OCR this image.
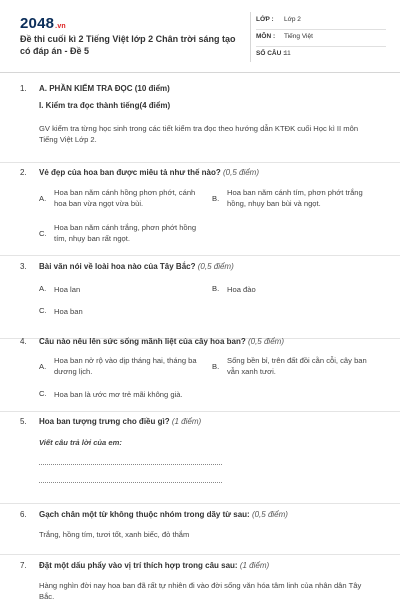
2048.vn
Đề thi cuối kì 2 Tiếng Việt lớp 2 Chân trời sáng tạo có đáp án - Đề 5
LỚP : Lớp 2
MÔN : Tiếng Việt
SỐ CÂU :
11
1. A. PHẦN KIỂM TRA ĐỌC (10 điểm)
I. Kiểm tra đọc thành tiếng(4 điểm)
GV kiểm tra từng học sinh trong các tiết kiểm tra đọc theo hướng dẫn KTĐK cuối Học kì II môn Tiếng Việt Lớp 2.
2. Vẻ đẹp của hoa ban được miêu tả như thế nào? (0,5 điểm)
A.
Hoa ban năm cánh hồng phơn phớt, cánh hoa ban vừa ngọt vừa bùi.
B.
Hoa ban năm cánh tím, phơn phớt trắng hồng, nhụy ban bùi và ngọt.
C.
Hoa ban năm cánh trắng, phơn phớt hồng tím, nhụy ban rất ngọt.
3. Bài văn nói về loài hoa nào của Tây Bắc? (0,5 điểm)
A. Hoa lan	B. Hoa đào
C. Hoa ban
4. Câu nào nêu lên sức sống mãnh liệt của cây hoa ban? (0,5 điểm)
A.
Hoa ban nở rộ vào dịp tháng hai, tháng ba dương lịch.
B.
Sống bền bỉ, trên đất đồi cằn cỗi, cây ban vẫn xanh tươi.
C. Hoa ban là ước mơ trẻ mãi không già.
5. Hoa ban tượng trưng cho điều gì? (1 điểm)
Viết câu trả lời của em:
6. Gạch chân một từ không thuộc nhóm trong dãy từ sau: (0,5 điểm)
Trắng, hồng tím, tươi tốt, xanh biếc, đỏ thắm
7. Đặt một dấu phẩy vào vị trí thích hợp trong câu sau: (1 điểm)
Hàng nghìn đời nay hoa ban đã rất tự nhiên đi vào đời sống văn hóa tâm linh của nhân dân Tây Bắc.
